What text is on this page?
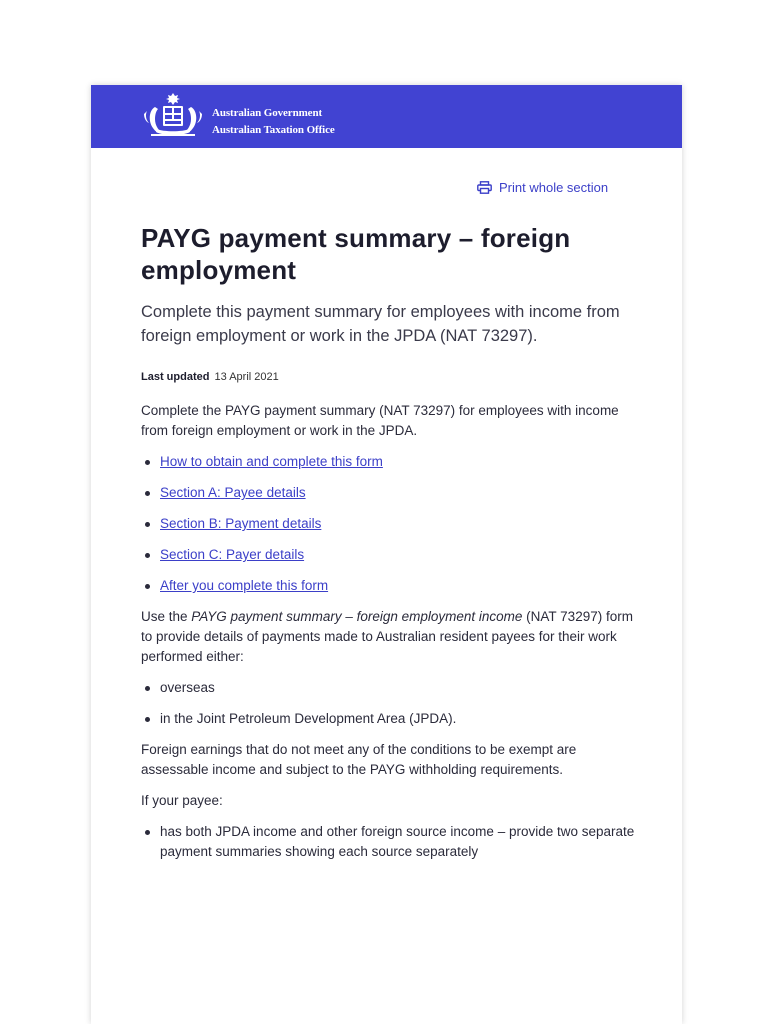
Australian Government
Australian Taxation Office
Print whole section
PAYG payment summary – foreign employment
Complete this payment summary for employees with income from foreign employment or work in the JPDA (NAT 73297).
Last updated 13 April 2021

Complete the PAYG payment summary (NAT 73297) for employees with income from foreign employment or work in the JPDA.

How to obtain and complete this form
Section A: Payee details
Section B: Payment details
Section C: Payer details
After you complete this form

Use the PAYG payment summary – foreign employment income (NAT 73297) form to provide details of payments made to Australian resident payees for their work performed either:

overseas
in the Joint Petroleum Development Area (JPDA).

Foreign earnings that do not meet any of the conditions to be exempt are assessable income and subject to the PAYG withholding requirements.

If your payee:

has both JPDA income and other foreign source income – provide two separate payment summaries showing each source separately
